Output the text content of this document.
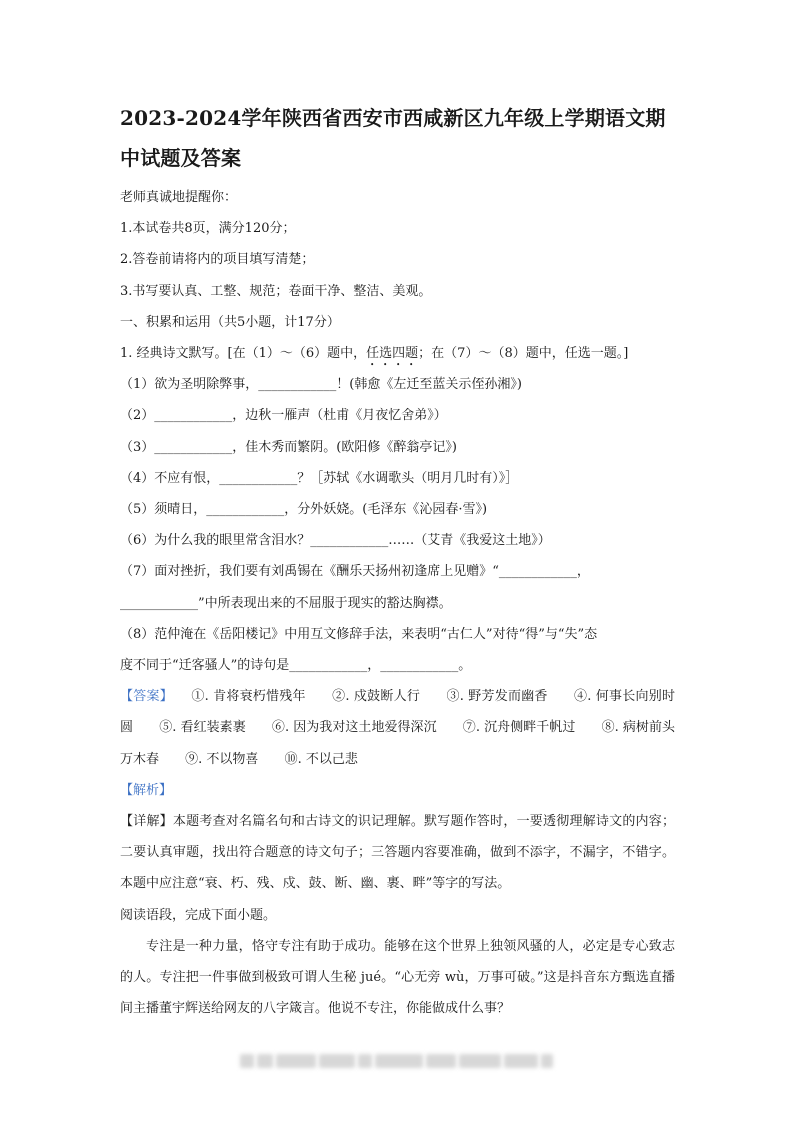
2023-2024学年陕西省西安市西咸新区九年级上学期语文期
中试题及答案
老师真诚地提醒你：
1.本试卷共8页，满分120分；
2.答卷前请将内的项目填写清楚；
3.书写要认真、工整、规范；卷面干净、整洁、美观。
一、积累和运用（共5小题，计17分）
1. 经典诗文默写。[在（1）～（6）题中，任选四题；在（7）～（8）题中，任选一题。]
（1）欲为圣明除弊事，____________！(韩愈《左迁至蓝关示侄孙湘》)
（2）____________，边秋一雁声（杜甫《月夜忆舍弟》）
（3）____________，佳木秀而繁阴。(欧阳修《醉翁亭记》)
（4）不应有恨，____________？［苏轼《水调歌头（明月几时有）》］
（5）须晴日，____________，分外妖娆。(毛泽东《沁园春·雪》)
（6）为什么我的眼里常含泪水？____________……（艾青《我爱这土地》）
（7）面对挫折，我们要有刘禹锡在《酬乐天扬州初逢席上见赠》“____________，
____________”中所表现出来的不屈服于现实的豁达胸襟。
（8）范仲淹在《岳阳楼记》中用互文修辞手法，来表明“古仁人”对待“得”与“失”态
度不同于“迁客骚人”的诗句是____________，____________。
【答案】 ①. 肯将衰朽惜残年 ②. 戍鼓断人行 ③. 野芳发而幽香 ④. 何事长向别时圆 ⑤. 看红装素裹 ⑥. 因为我对这土地爱得深沉 ⑦. 沉舟侧畔千帆过 ⑧. 病树前头万木春 ⑨. 不以物喜 ⑩. 不以己悲
【解析】
【详解】本题考查对名篇名句和古诗文的识记理解。默写题作答时，一要透彻理解诗文的内容；二要认真审题，找出符合题意的诗文句子；三答题内容要准确，做到不添字，不漏字，不错字。本题中应注意“衰、朽、残、戍、鼓、断、幽、裹、畔”等字的写法。
阅读语段，完成下面小题。
专注是一种力量，恪守专注有助于成功。能够在这个世界上独领风骚的人，必定是专心致志的人。专注把一件事做到极致可谓人生秘 jué。“心无旁 wù，万事可破。”这是抖音东方甄选直播间主播董宇辉送给网友的八字箴言。他说不专注，你能做成什么事？
